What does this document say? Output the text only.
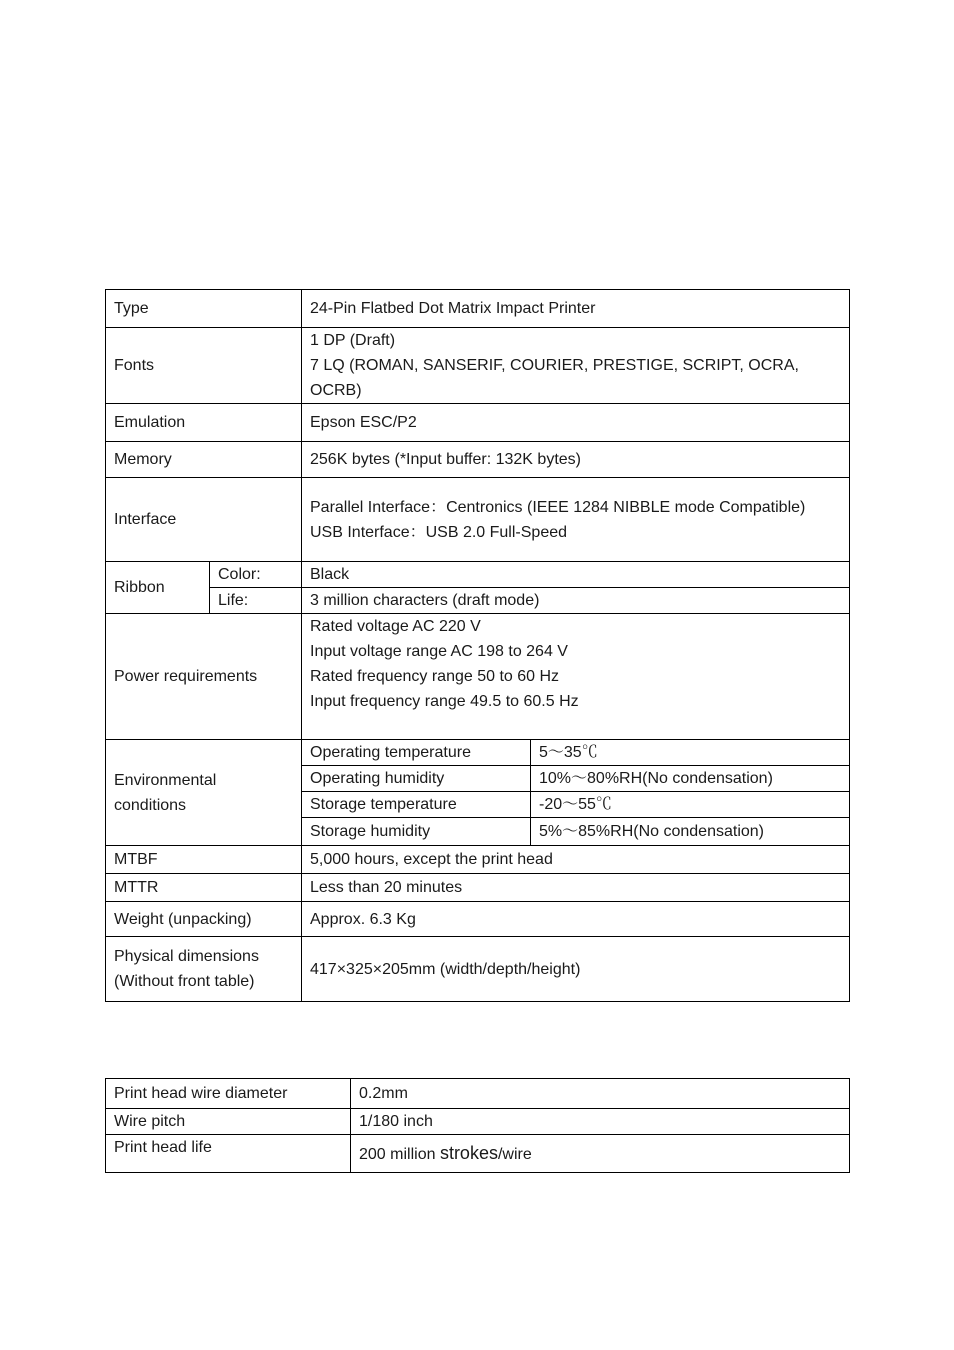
Type		24-Pin Flatbed Dot Matrix Impact Printer	
Fonts		1 DP (Draft)
7 LQ (ROMAN, SANSERIF, COURIER, PRESTIGE, SCRIPT, OCRA,
OCRB)	

Emulation		Epson ESC/P2	
Memory		256K bytes (*Input buffer: 132K bytes)	
Interface		Parallel Interface：Centronics (IEEE 1284 NIBBLE mode Compatible)
USB Interface：USB 2.0 Full-Speed	

Ribbon	Color:	Black	
	Life:	3 million characters (draft mode)	
Power requirements		Rated voltage AC 220 V
Input voltage range AC 198 to 264 V
Rated frequency range 50 to 60 Hz
Input frequency range 49.5 to 60.5 Hz	

Environmental
conditions		Operating temperature	5～35℃
		Operating humidity	10%～80%RH(No condensation)
		Storage temperature	-20～55℃
		Storage humidity	5%～85%RH(No condensation)
MTBF		5,000 hours, except the print head	
MTTR		Less than 20 minutes	
Weight (unpacking)		Approx. 6.3 Kg	

Physical dimensions
(Without front table)		417×325×205mm (width/depth/height)	
Print head wire diameter	0.2mm
Wire pitch	1/180 inch
Print head life	200 million strokes/wire
